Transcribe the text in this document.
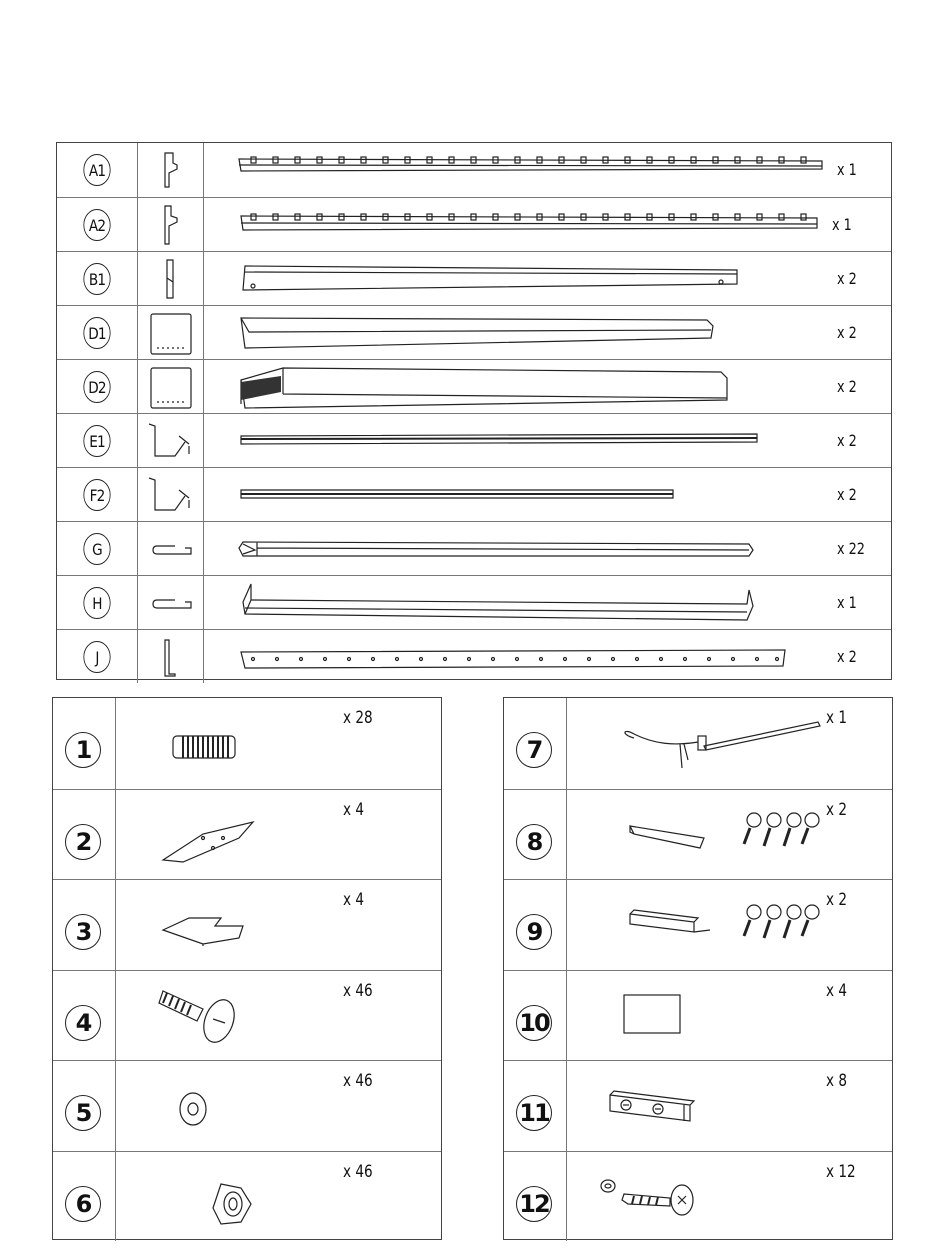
A1	x 1
A2	x 1
B1	x 2
D1	x 2
D2	x 2
E1	x 2
F2	x 2
G	x 22
H	x 1
J	x 2
1
x 28
2
x 4
3
x 4
4
x 46
5
x 46
6
x 46
7
x 1
8
x 2
9
x 2
10
x 4
11
x 8
12
x 12
